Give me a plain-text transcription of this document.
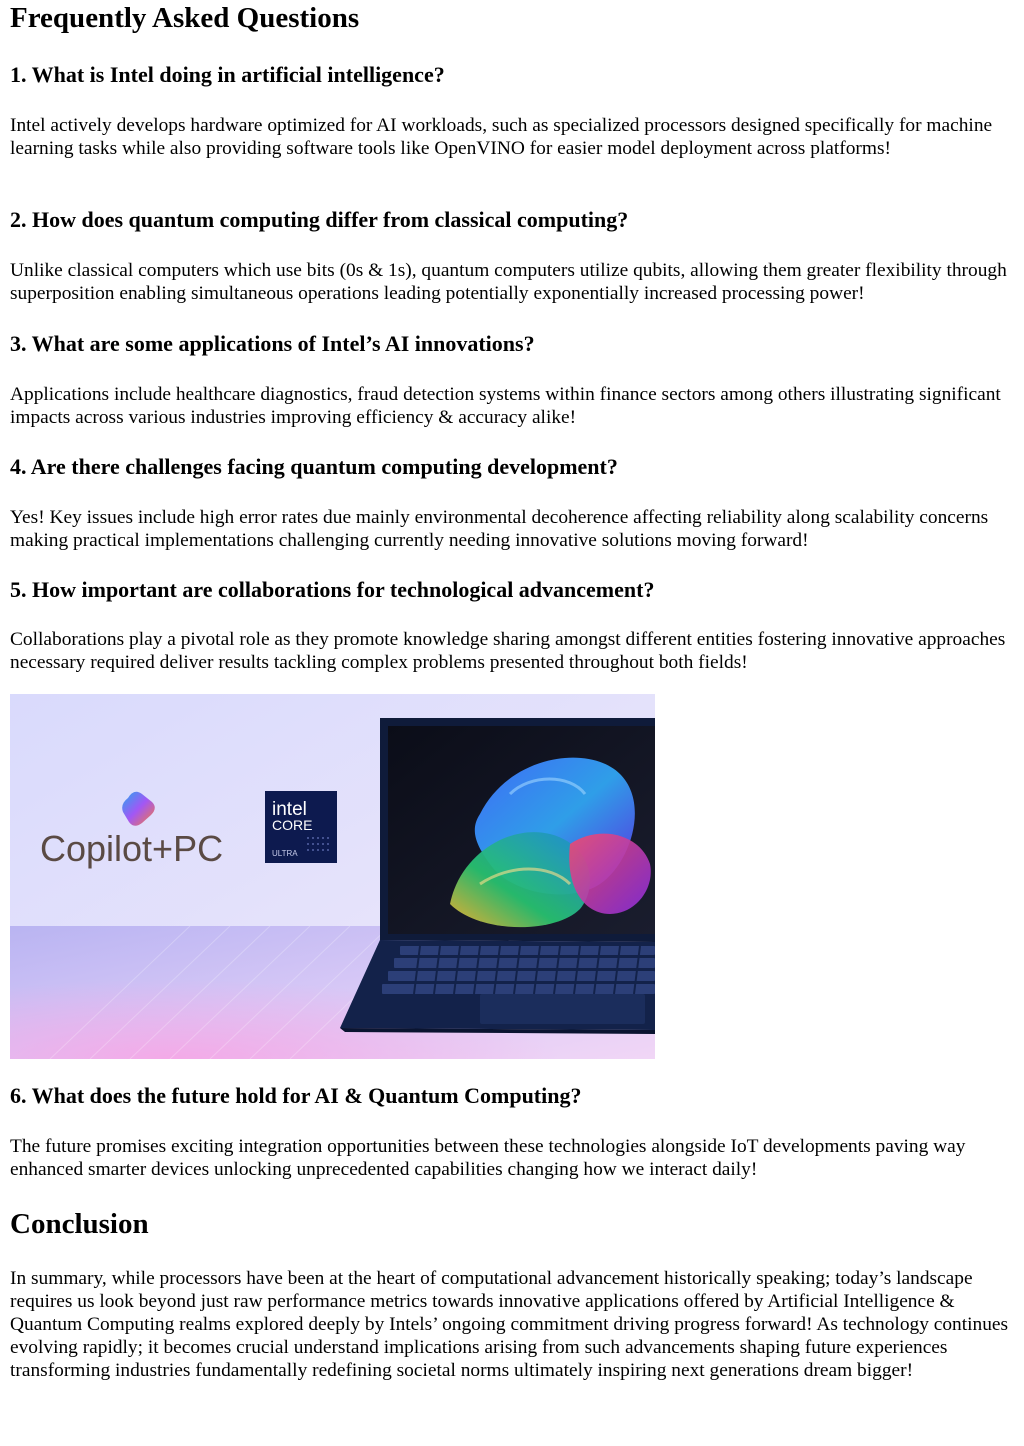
Frequently Asked Questions
1. What is Intel doing in artificial intelligence?

Intel actively develops hardware optimized for AI workloads, such as specialized processors designed specifically for machine learning tasks while also providing software tools like OpenVINO for easier model deployment across platforms!

2. How does quantum computing differ from classical computing?

Unlike classical computers which use bits (0s & 1s), quantum computers utilize qubits, allowing them greater flexibility through superposition enabling simultaneous operations leading potentially exponentially increased processing power!

3. What are some applications of Intel’s AI innovations?

Applications include healthcare diagnostics, fraud detection systems within finance sectors among others illustrating significant impacts across various industries improving efficiency & accuracy alike!

4. Are there challenges facing quantum computing development?

Yes! Key issues include high error rates due mainly environmental decoherence affecting reliability along scalability concerns making practical implementations challenging currently needing innovative solutions moving forward!

5. How important are collaborations for technological advancement?

Collaborations play a pivotal role as they promote knowledge sharing amongst different entities fostering innovative approaches necessary required deliver results tackling complex problems presented throughout both fields!

Copilot+PC
intel
CORE
ULTRA
6. What does the future hold for AI & Quantum Computing?

The future promises exciting integration opportunities between these technologies alongside IoT developments paving way enhanced smarter devices unlocking unprecedented capabilities changing how we interact daily!

Conclusion

In summary, while processors have been at the heart of computational advancement historically speaking; today’s landscape requires us look beyond just raw performance metrics towards innovative applications offered by Artificial Intelligence & Quantum Computing realms explored deeply by Intels’ ongoing commitment driving progress forward! As technology continues evolving rapidly; it becomes crucial understand implications arising from such advancements shaping future experiences transforming industries fundamentally redefining societal norms ultimately inspiring next generations dream bigger!
